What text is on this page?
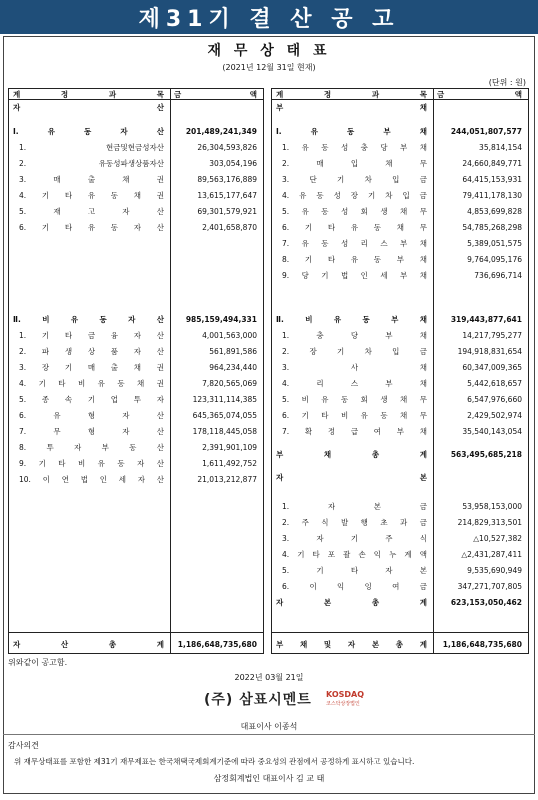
제31기 결 산 공 고
재 무 상 태 표
(2021년 12월 31일 현재)
(단위 : 원)
계	정	과	목 금	액
자	산
Ⅰ.	유	동	자	산	201,489,241,349
1.	현금및현금성자산	26,304,593,826
2.	유동성파생상품자산	303,054,196
3.	매	출	채	권	89,563,176,889
4. 기 타 유 동 채 권	13,615,177,647
5.	재	고	자	산	69,301,579,921
6. 기 타 유 동 자 산	2,401,658,870
Ⅱ.	비	유	동	자	산	985,159,494,331
1. 기 타 금 융 자 산	4,001,563,000
2. 파 생 상 품 자 산	561,891,586
3. 장 기 매 출 채 권	964,234,440
4. 기 타 비 유 동 채 권	7,820,565,069
5. 종 속 기 업 투 자	123,311,114,385
6.	유	형	자	산	645,365,074,055
7.	무	형	자	산	178,118,445,058
8.	투	자	부	동	산	2,391,901,109
9. 기 타 비 유 동 자 산	1,611,492,752
10. 이 연 법 인 세 자 산	21,013,212,877
자	산	총	계	1,186,648,735,680
계	정	과	목 금	액
부	채
Ⅰ.	유	동	부	채	244,051,807,577
1. 유 동 성 충 당 부 채	35,814,154
2.	매	입	채	무	24,660,849,771
3.	단	기	차	입	금	64,415,153,931
4. 유 동 성 장 기 차 입 금	79,411,178,130
5. 유 동 성 회 생 채 무	4,853,699,828
6. 기 타 유 동 채 무	54,785,268,298
7. 유 동 성 리 스 부 채	5,389,051,575
8. 기 타 유 동 부 채	9,764,095,176
9. 당 기 법 인 세 부 채	736,696,714
Ⅱ.	비	유	동	부	채	319,443,877,641
1.	충	당	부	채	14,217,795,277
2.	장	기	차	입	금	194,918,831,654
3.	사	채	60,347,009,365
4.	리	스	부	채	5,442,618,657
5. 비 유 동 회 생 채 무	6,547,976,660
6. 기 타 비 유 동 채 무	2,429,502,974
7. 확 정 급 여 부 채	35,540,143,054
부	채	총	계	563,495,685,218
자	본
1.	자	본	금	53,958,153,000
2. 주 식 발 행 초 과 금	214,829,313,501
3.	자	기	주	식	△10,527,382
4. 기 타 포 괄 손 익 누 계 액	△2,431,287,411
5.	기	타	자	본	9,535,690,949
6.	이	익	잉	여	금	347,271,707,805
자	본	총	계	623,153,050,462
부 채 및 자 본 총 계	1,186,648,735,680
위와같이 공고함.
2022년 03월 21일
(주) 삼표시멘트 KOSDAQ
코스닥상장법인
대표이사 이종석
감사의견
위 재무상태표를 포함한 제31기 재무제표는 한국채택국제회계기준에 따라 중요성의 관점에서 공정하게 표시하고 있습니다.
삼정회계법인 대표이사 김 교 태
